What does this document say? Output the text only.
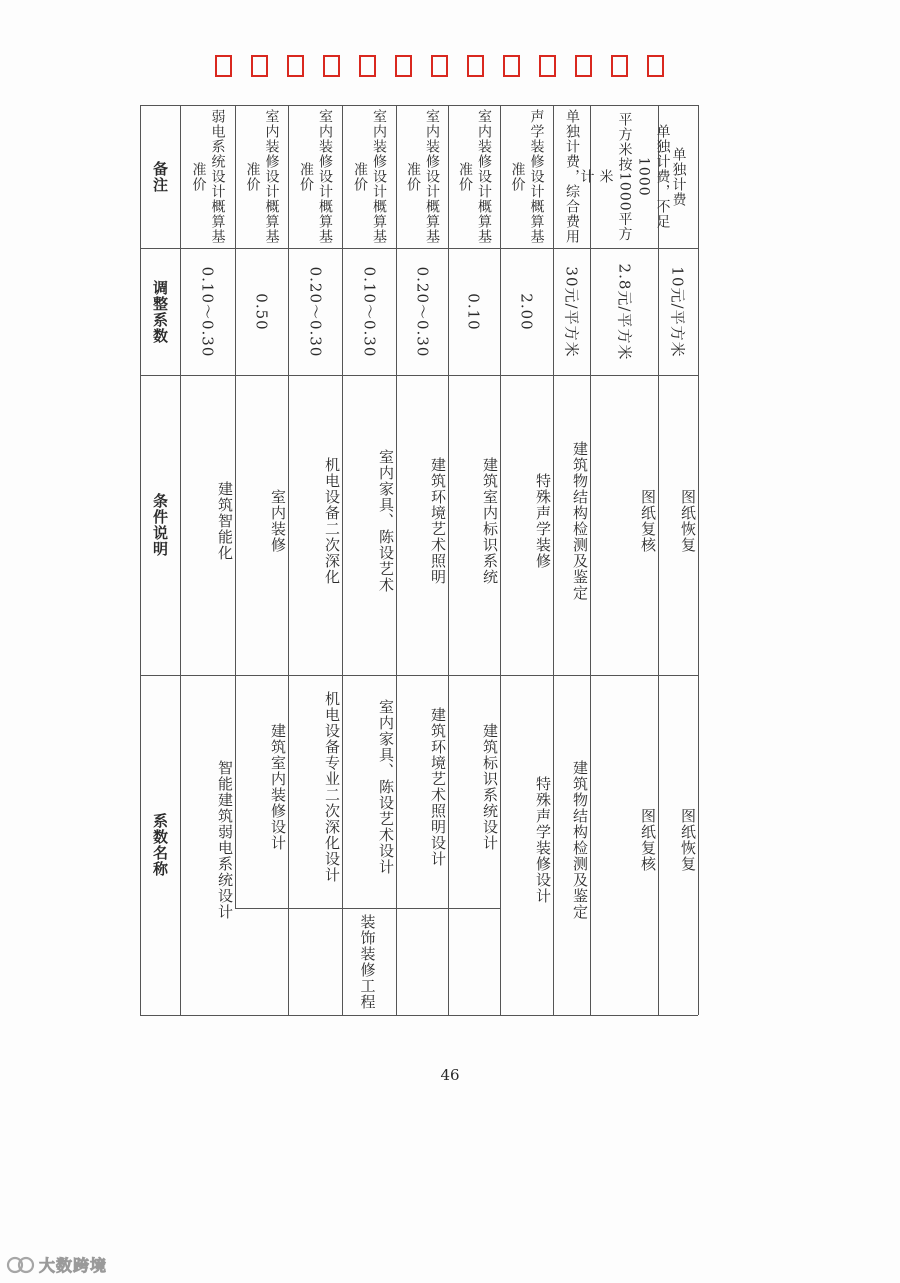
系数名称
条件说明
调整系数
备注
装饰装修工程
智能建筑弱电系统设计
建筑智能化
0.10～0.30
弱电系统设计概算基
准价
建筑室内装修设计
室内装修
0.50
室内装修设计概算基
准价
机电设备专业二次深化设计
机电设备二次深化
0.20～0.30
室内装修设计概算基
准价
室内家具、陈设艺术设计
室内家具、陈设艺术
0.10～0.30
室内装修设计概算基
准价
建筑环境艺术照明设计
建筑环境艺术照明
0.20～0.30
室内装修设计概算基
准价
建筑标识系统设计
建筑室内标识系统
0.10
室内装修设计概算基
准价
特殊声学装修设计
特殊声学装修
2.00
声学装修设计概算基
准价
建筑物结构检测及鉴定
建筑物结构检测及鉴定
30元/平方米
单独计费，综合费用
图纸复核
图纸复核
2.8元/平方米
单独计费，不足1000
平方米按1000平方米
计
图纸恢复
图纸恢复
10元/平方米
单独计费
46
大数跨境
